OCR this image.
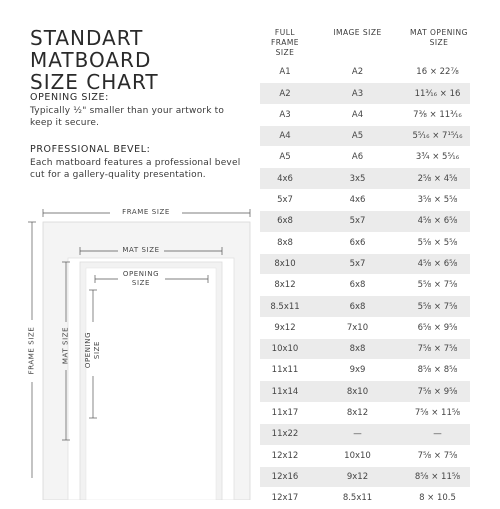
STANDART MATBOARD
SIZE CHART
OPENING SIZE:
Typically ½" smaller than your artwork to keep it secure.
PROFESSIONAL BEVEL:
Each matboard features a professional bevel cut for a gallery-quality presentation.
FRAME SIZE
MAT SIZE
OPENING
SIZE
FRAME SIZE	MAT SIZE OPENING SIZE
FULL FRAME
SIZE
IMAGE SIZE	MAT OPENING
SIZE
A1	A2	16 × 22⅞
A2	A3	11³⁄₁₆ × 16
A3	A4	7⅜ × 11³⁄₁₆
A4	A5	5⁵⁄₁₆ × 7¹⁵⁄₁₆
A5	A6	3¾ × 5⁵⁄₁₆
4x6	3x5	2⅝ × 4⅝
5x7	4x6	3⅝ × 5⅝
6x8	5x7	4⅝ × 6⅝
8x8	6x6	5⅝ × 5⅝
8x10	5x7	4⅝ × 6⅝
8x12	6x8	5⅝ × 7⅝
8.5x11	6x8	5⅝ × 7⅝
9x12	7x10	6⅝ × 9⅝
10x10	8x8	7⅝ × 7⅝
11x11	9x9	8⅝ × 8⅝
11x14	8x10	7⅝ × 9⅝
11x17	8x12	7⅝ × 11⅝
11x22	—	—
12x12	10x10	7⅝ × 7⅝
12x16	9x12	8⅝ × 11⅝
12x17	8.5x11	8 × 10.5
